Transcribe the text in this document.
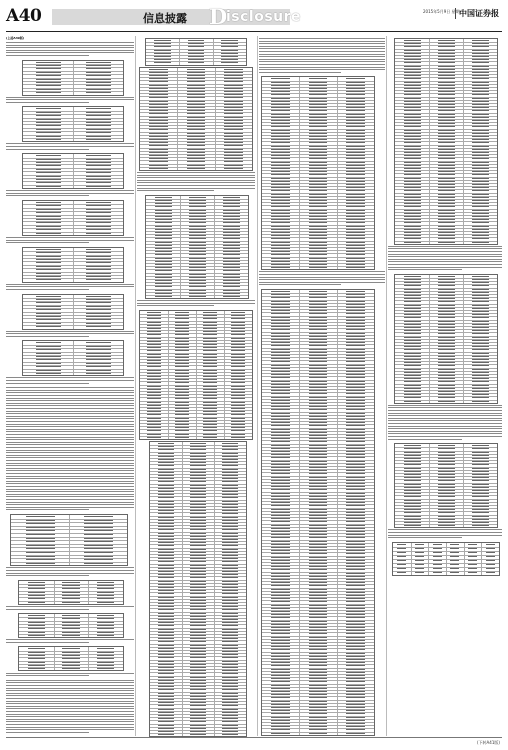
A40	信息披露 D
isclosure	2015年5月9日 星期六
中国证券报
(上接A39版)
(下转A41版)
